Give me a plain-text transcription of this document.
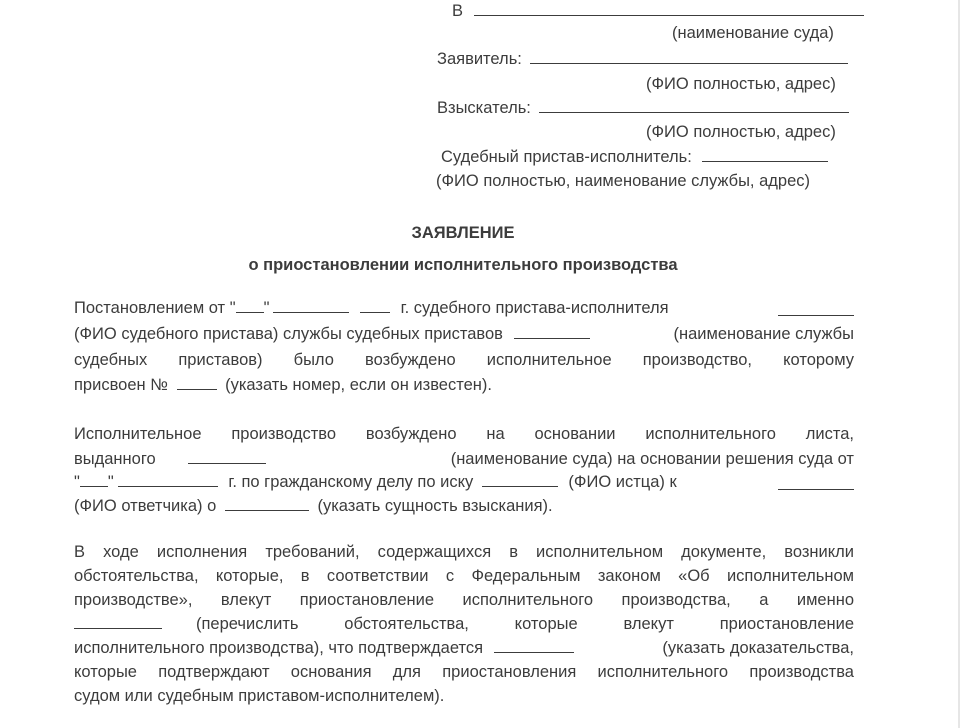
В
(наименование суда)
Заявитель:
(ФИО полностью, адрес)
Взыскатель:
(ФИО полностью, адрес)
Судебный пристав-исполнитель:
(ФИО полностью, наименование службы, адрес)
ЗАЯВЛЕНИЕ
о приостановлении исполнительного производства
Постановлением от " "	г. судебного пристава-исполнителя
(ФИО судебного пристава) службы судебных приставов	(наименование службы
судебных приставов) было возбуждено исполнительное производство, которому
присвоен №	(указать номер, если он известен).
Исполнительное производство возбуждено на основании исполнительного листа,
выданного	(наименование суда) на основании решения суда от
" "	г. по гражданскому делу по иску	(ФИО истца) к
(ФИО ответчика) о	(указать сущность взыскания).
В ходе исполнения требований, содержащихся в исполнительном документе, возникли
обстоятельства, которые, в соответствии с Федеральным законом «Об исполнительном
производстве», влекут приостановление исполнительного производства, а именно
(перечислить обстоятельства, которые влекут приостановление
исполнительного производства), что подтверждается	(указать доказательства,
которые подтверждают основания для приостановления исполнительного производства
судом или судебным приставом-исполнителем).
